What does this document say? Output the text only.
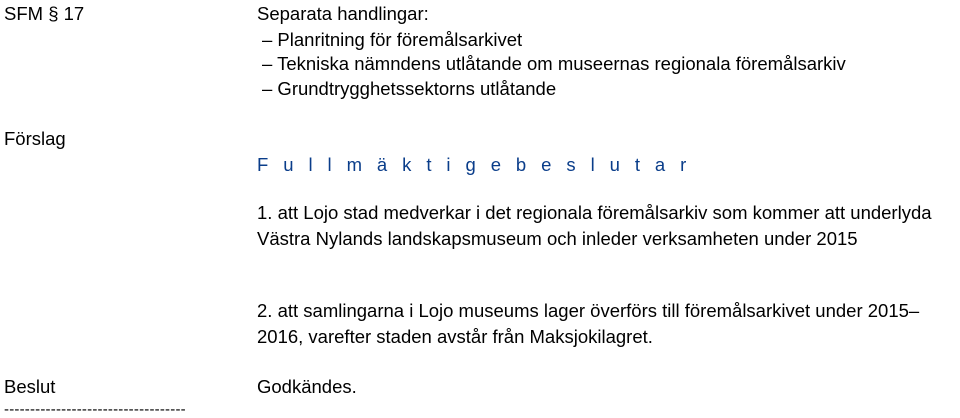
SFM § 17	Separata handlingar:
– Planritning för föremålsarkivet
– Tekniska nämndens utlåtande om museernas regionala föremålsarkiv
– Grundtrygghetssektorns utlåtande
Förslag
F u l l m ä k t i g e b e s l u t a r
1. att Lojo stad medverkar i det regionala föremålsarkiv som kommer att underlyda Västra Nylands landskapsmuseum och inleder verksamheten under 2015
2. att samlingarna i Lojo museums lager överförs till föremålsarkivet under 2015–2016, varefter staden avstår från Maksjokilagret.
Beslut	Godkändes.
-----------------------------------
